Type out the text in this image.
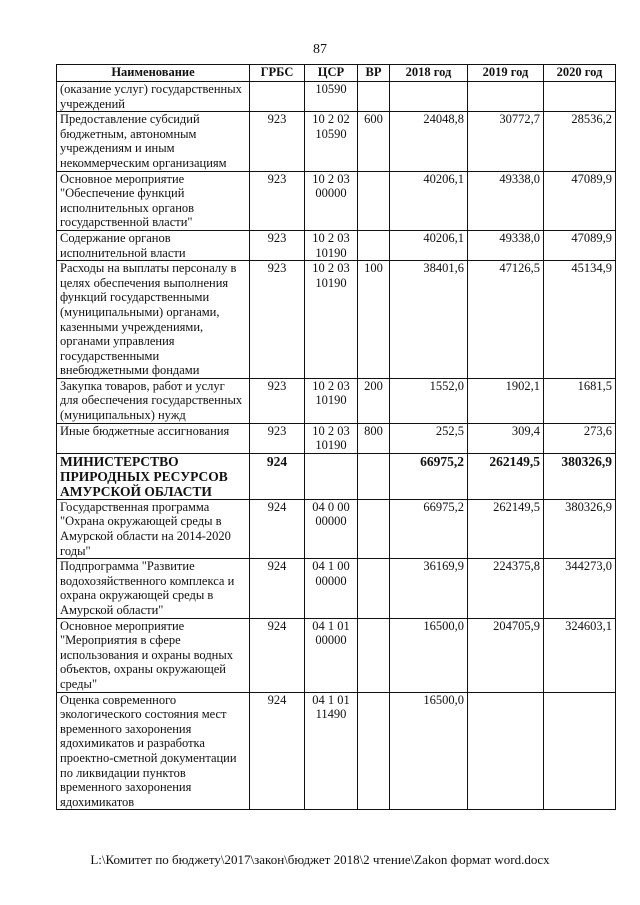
87
Наименование	ГРБС	ЦСР	ВР	2018 год	2019 год	2020 год
(оказание услуг) государственных учреждений		10590				
Предоставление субсидий бюджетным, автономным учреждениям и иным некоммерческим организациям	923	10 2 02 10590	600	24048,8	30772,7	28536,2
Основное мероприятие "Обеспечение функций исполнительных органов государственной власти"	923	10 2 03 00000		40206,1	49338,0	47089,9
Содержание органов исполнительной власти	923	10 2 03 10190		40206,1	49338,0	47089,9
Расходы на выплаты персоналу в целях обеспечения выполнения функций государственными (муниципальными) органами, казенными учреждениями, органами управления государственными внебюджетными фондами	923	10 2 03 10190	100	38401,6	47126,5	45134,9
Закупка товаров, работ и услуг для обеспечения государственных (муниципальных) нужд	923	10 2 03 10190	200	1552,0	1902,1	1681,5
Иные бюджетные ассигнования	923	10 2 03 10190	800	252,5	309,4	273,6
МИНИСТЕРСТВО ПРИРОДНЫХ РЕСУРСОВ АМУРСКОЙ ОБЛАСТИ	924			66975,2	262149,5	380326,9
Государственная программа "Охрана окружающей среды в Амурской области на 2014-2020 годы"	924	04 0 00 00000		66975,2	262149,5	380326,9
Подпрограмма "Развитие водохозяйственного комплекса и охрана окружающей среды в Амурской области"	924	04 1 00 00000		36169,9	224375,8	344273,0
Основное мероприятие "Мероприятия в сфере использования и охраны водных объектов, охраны окружающей среды"	924	04 1 01 00000		16500,0	204705,9	324603,1
Оценка современного экологического состояния мест временного захоронения ядохимикатов и разработка проектно-сметной документации по ликвидации пунктов временного захоронения ядохимикатов	924	04 1 01 11490		16500,0		
L:\Комитет по бюджету\2017\закон\бюджет 2018\2 чтение\Zakon формат word.docx
